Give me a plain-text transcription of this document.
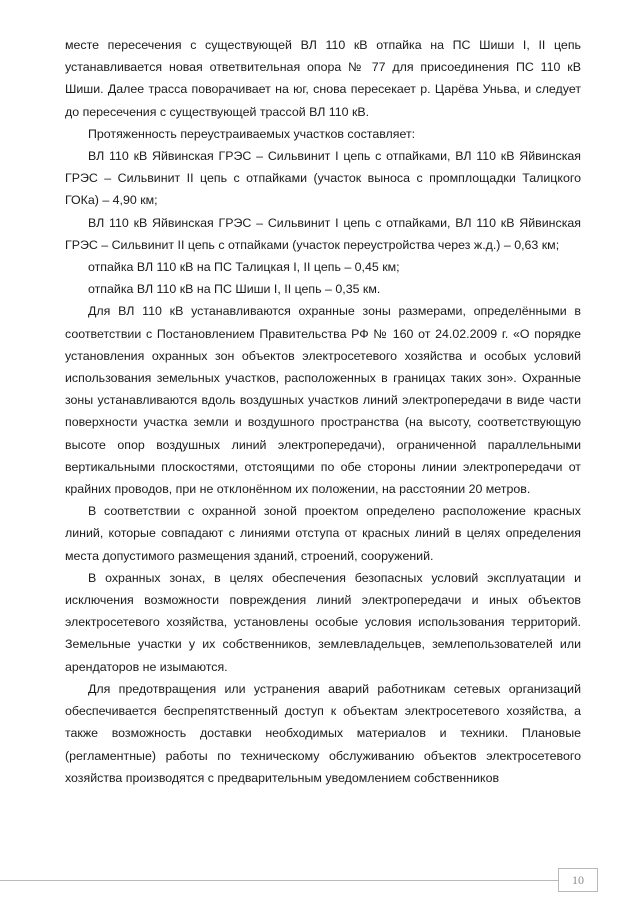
месте пересечения с существующей ВЛ 110 кВ отпайка на ПС Шиши I, II цепь устанавливается новая ответвительная опора № 77 для присоединения ПС 110 кВ Шиши. Далее трасса поворачивает на юг, снова пересекает р. Царёва Уньва, и следует до пересечения с существующей трассой ВЛ 110 кВ.

Протяженность переустраиваемых участков составляет:

ВЛ 110 кВ Яйвинская ГРЭС – Сильвинит I цепь с отпайками, ВЛ 110 кВ Яйвинская ГРЭС – Сильвинит II цепь с отпайками (участок выноса с промплощадки Талицкого ГОКа) – 4,90 км;

ВЛ 110 кВ Яйвинская ГРЭС – Сильвинит I цепь с отпайками, ВЛ 110 кВ Яйвинская ГРЭС – Сильвинит II цепь с отпайками (участок переустройства через ж.д.) – 0,63 км;

отпайка ВЛ 110 кВ на ПС Талицкая I, II цепь – 0,45 км;

отпайка ВЛ 110 кВ на ПС Шиши I, II цепь – 0,35 км.

Для ВЛ 110 кВ устанавливаются охранные зоны размерами, определёнными в соответствии с Постановлением Правительства РФ № 160 от 24.02.2009 г. «О порядке установления охранных зон объектов электросетевого хозяйства и особых условий использования земельных участков, расположенных в границах таких зон». Охранные зоны устанавливаются вдоль воздушных участков линий электропередачи в виде части поверхности участка земли и воздушного пространства (на высоту, соответствующую высоте опор воздушных линий электропередачи), ограниченной параллельными вертикальными плоскостями, отстоящими по обе стороны линии электропередачи от крайних проводов, при не отклонённом их положении, на расстоянии 20 метров.

В соответствии с охранной зоной проектом определено расположение красных линий, которые совпадают с линиями отступа от красных линий в целях определения места допустимого размещения зданий, строений, сооружений.

В охранных зонах, в целях обеспечения безопасных условий эксплуатации и исключения возможности повреждения линий электропередачи и иных объектов электросетевого хозяйства, установлены особые условия использования территорий. Земельные участки у их собственников, землевладельцев, землепользователей или арендаторов не изымаются.

Для предотвращения или устранения аварий работникам сетевых организаций обеспечивается беспрепятственный доступ к объектам электросетевого хозяйства, а также возможность доставки необходимых материалов и техники. Плановые (регламентные) работы по техническому обслуживанию объектов электросетевого хозяйства производятся с предварительным уведомлением собственников

10
